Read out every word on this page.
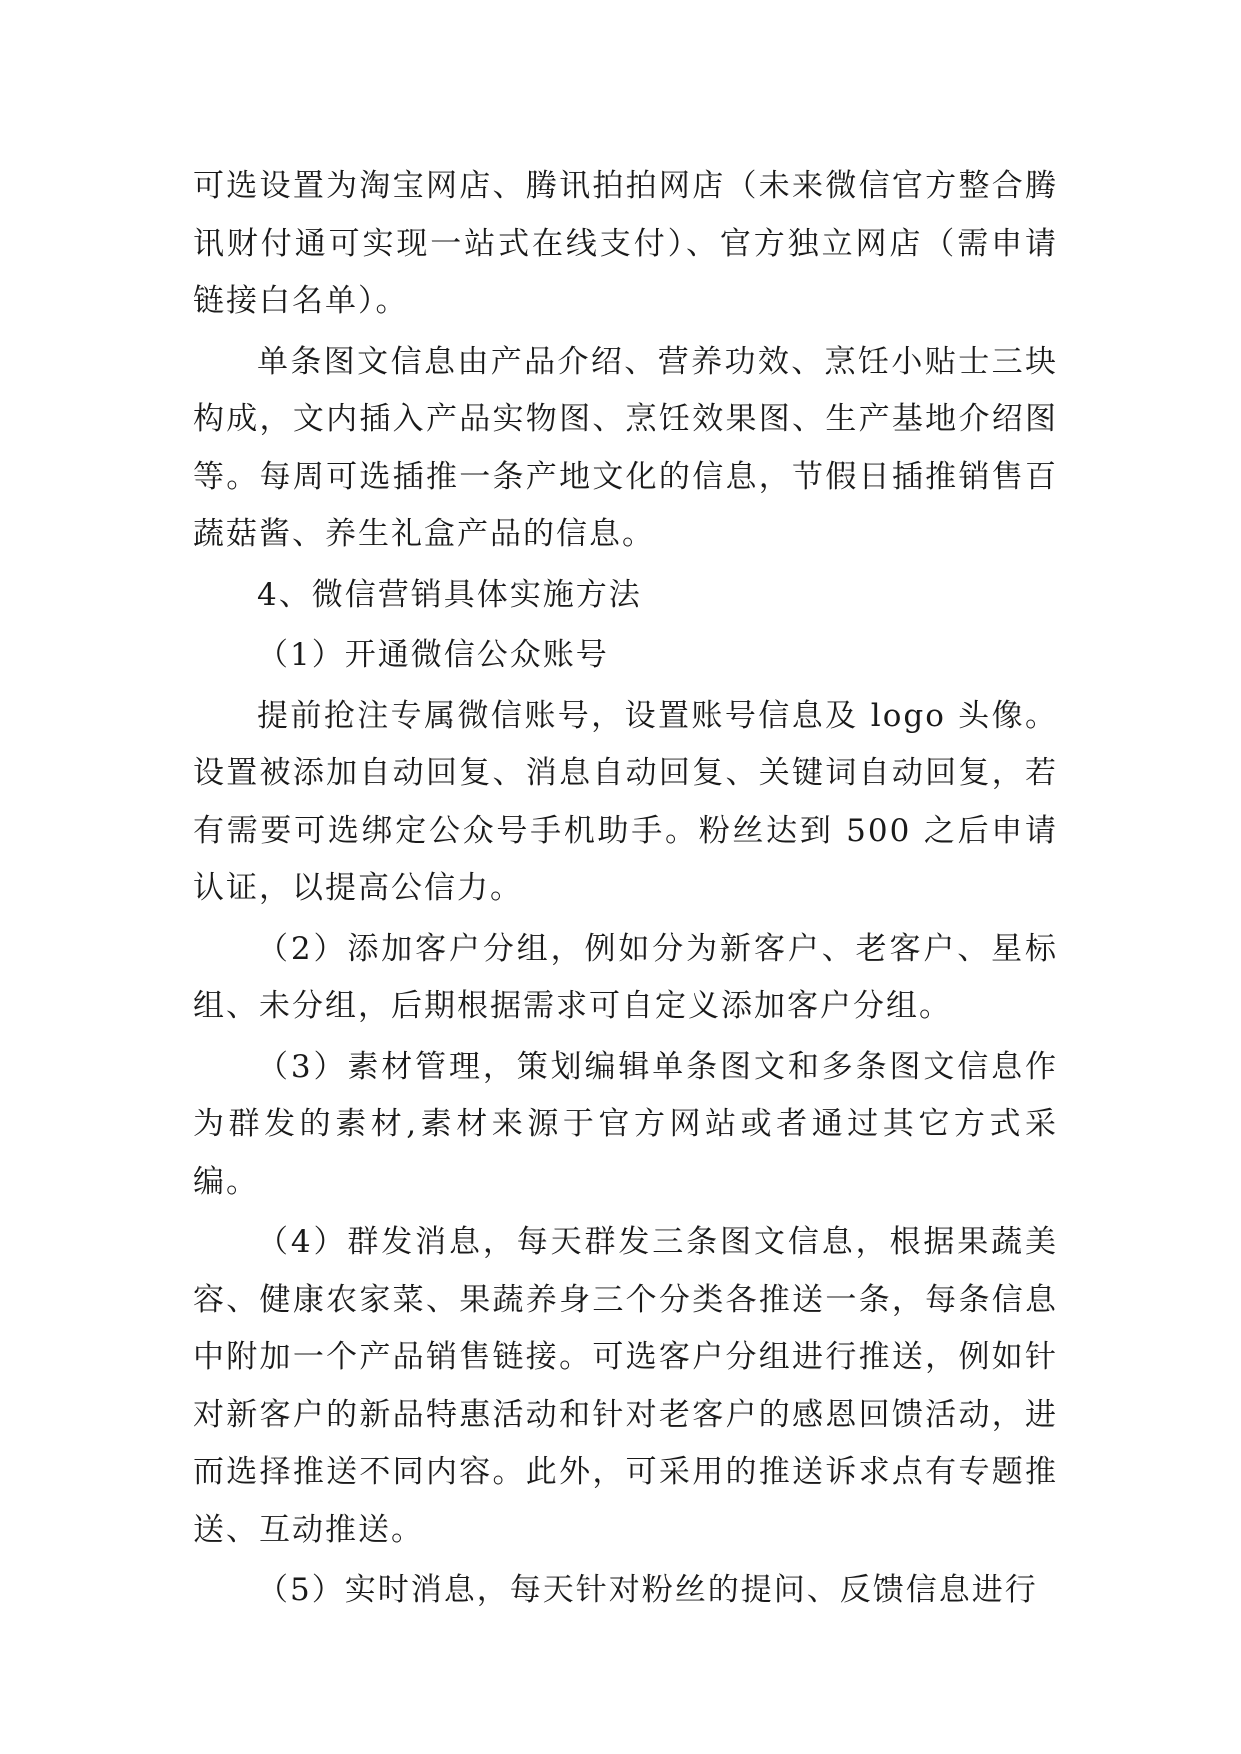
可选设置为淘宝网店、腾讯拍拍网店（未来微信官方整合腾讯财付通可实现一站式在线支付）、官方独立网店（需申请链接白名单）。

单条图文信息由产品介绍、营养功效、烹饪小贴士三块构成，文内插入产品实物图、烹饪效果图、生产基地介绍图等。每周可选插推一条产地文化的信息，节假日插推销售百蔬菇酱、养生礼盒产品的信息。

4、微信营销具体实施方法

（1）开通微信公众账号

提前抢注专属微信账号，设置账号信息及 logo 头像。设置被添加自动回复、消息自动回复、关键词自动回复，若有需要可选绑定公众号手机助手。粉丝达到 500 之后申请认证，以提高公信力。

（2）添加客户分组，例如分为新客户、老客户、星标组、未分组，后期根据需求可自定义添加客户分组。

（3）素材管理，策划编辑单条图文和多条图文信息作为群发的素材,素材来源于官方网站或者通过其它方式采编。

（4）群发消息，每天群发三条图文信息，根据果蔬美容、健康农家菜、果蔬养身三个分类各推送一条，每条信息中附加一个产品销售链接。可选客户分组进行推送，例如针对新客户的新品特惠活动和针对老客户的感恩回馈活动，进而选择推送不同内容。此外，可采用的推送诉求点有专题推送、互动推送。

（5）实时消息，每天针对粉丝的提问、反馈信息进行
